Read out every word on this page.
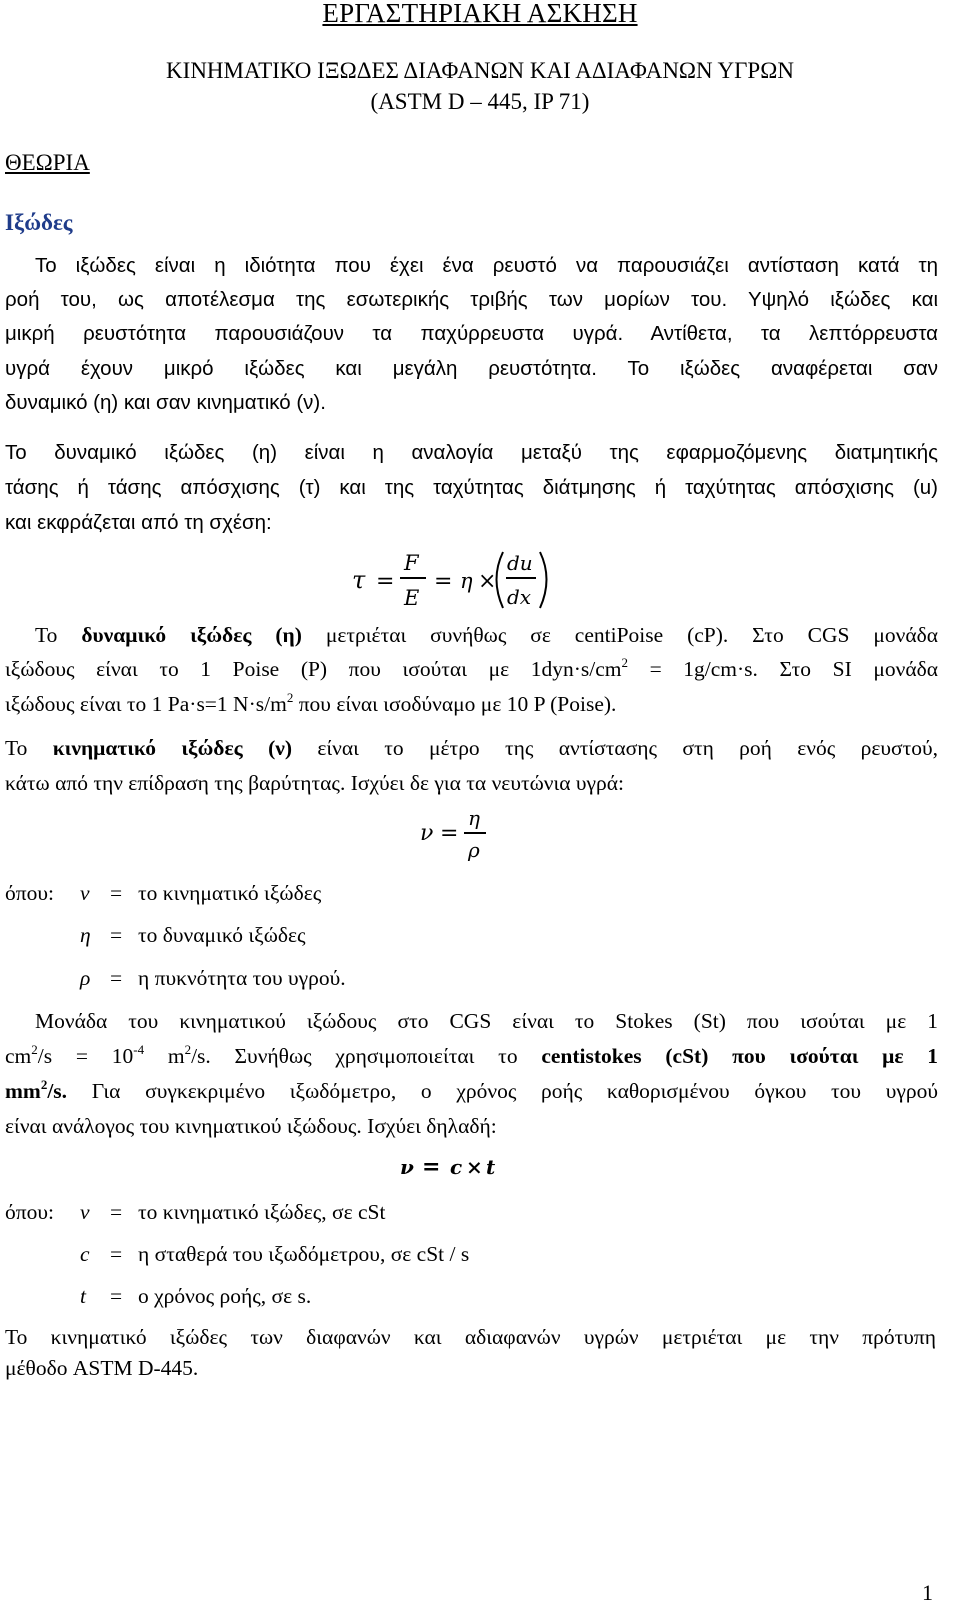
ΕΡΓΑΣΤΗΡΙΑΚΗ ΑΣΚΗΣΗ
ΚΙΝΗΜΑΤΙΚΟ ΙΞΩΔΕΣ ΔΙΑΦΑΝΩΝ ΚΑΙ ΑΔΙΑΦΑΝΩΝ ΥΓΡΩΝ
(ASTM D – 445, IP 71)
ΘΕΩΡΙΑ
Ιξώδες
Το ιξώδες είναι η ιδιότητα που έχει ένα ρευστό να παρουσιάζει αντίσταση κατά τη
ροή του, ως αποτέλεσμα της εσωτερικής τριβής των μορίων του. Υψηλό ιξώδες και
μικρή ρευστότητα παρουσιάζουν τα παχύρρευστα υγρά. Αντίθετα, τα λεπτόρρευστα
υγρά έχουν μικρό ιξώδες και μεγάλη ρευστότητα. Το ιξώδες αναφέρεται σαν
δυναμικό (η) και σαν κινηματικό (ν).
Το δυναμικό ιξώδες (η) είναι η αναλογία μεταξύ της εφαρμοζόμενης διατμητικής
τάσης ή τάσης απόσχισης (τ) και της ταχύτητας διάτμησης ή ταχύτητας απόσχισης (u)
και εκφράζεται από τη σχέση:
τ =
F
E
= η ×
du
dx
Το δυναμικό ιξώδες (η) μετριέται συνήθως σε centiPoise (cP). Στο CGS μονάδα
ιξώδους είναι το 1 Poise (P) που ισούται με $1dyn\cdot s/cm^2 = 1g/cm\cdot s$. Στο SI μονάδα
ιξώδους είναι το 1 Pa·s=1 $N\cdot s/m^2$ που είναι ισοδύναμο με 10 P (Poise).
Το κινηματικό ιξώδες (ν) είναι το μέτρο της αντίστασης στη ροή ενός ρευστού,
κάτω από την επίδραση της βαρύτητας. Ισχύει δε για τα νευτώνια υγρά:
ν =
η
ρ
όπου: ν = το κινηματικό ιξώδες
η = το δυναμικό ιξώδες
ρ = η πυκνότητα του υγρού.
Μονάδα του κινηματικού ιξώδους στο CGS είναι το Stokes (St) που ισούται με 1
$cm^2/s = 10^{-4}$ $m^2/s$. Συνήθως χρησιμοποιείται το centistokes (cSt) που ισούται με 1
$mm^2/s$. Για συγκεκριμένο ιξωδόμετρο, ο χρόνος ροής καθορισμένου όγκου του υγρού
είναι ανάλογος του κινηματικού ιξώδους. Ισχύει δηλαδή:
ν = c × t
όπου: ν = το κινηματικό ιξώδες, σε cSt
c = η σταθερά του ιξωδόμετρου, σε cSt / s
t = ο χρόνος ροής, σε s.
Το κινηματικό ιξώδες των διαφανών και αδιαφανών υγρών μετριέται με την πρότυπη
μέθοδο ASTM D-445.
1
